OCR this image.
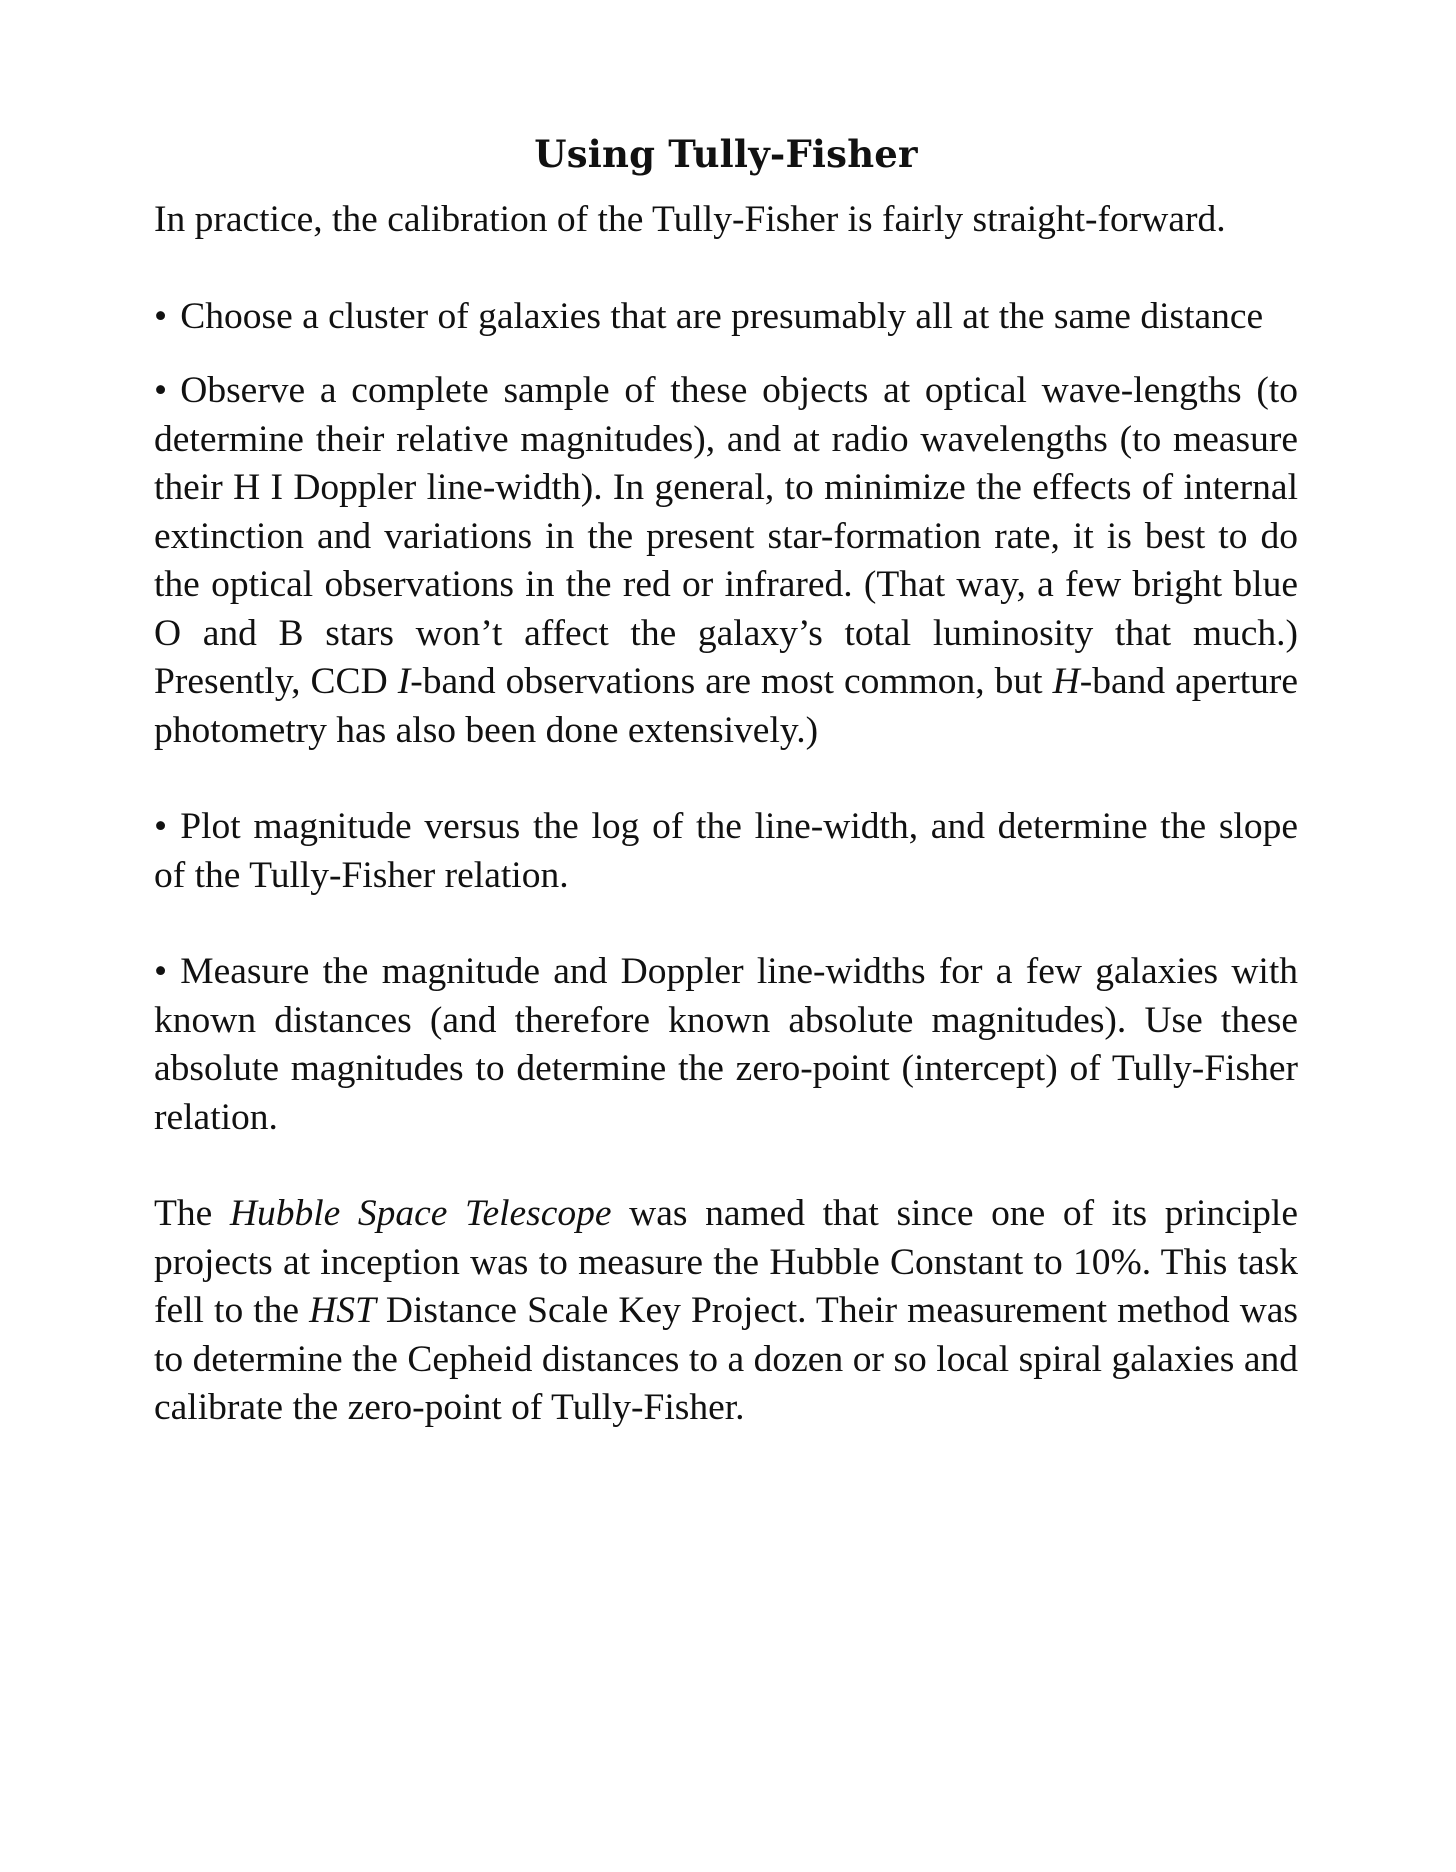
Using Tully-Fisher

In practice, the calibration of the Tully-Fisher is fairly straight-forward.

• Choose a cluster of galaxies that are presumably all at the same distance

• Observe a complete sample of these objects at optical wave-lengths (to determine their relative magnitudes), and at radio wavelengths (to measure their H I Doppler line-width). In general, to minimize the effects of internal extinction and variations in the present star-formation rate, it is best to do the optical observations in the red or infrared. (That way, a few bright blue O and B stars won’t affect the galaxy’s total luminosity that much.) Presently, CCD I-band observations are most common, but H-band aperture photometry has also been done extensively.)

• Plot magnitude versus the log of the line-width, and determine the slope of the Tully-Fisher relation.

• Measure the magnitude and Doppler line-widths for a few galaxies with known distances (and therefore known absolute magnitudes). Use these absolute magnitudes to determine the zero-point (intercept) of Tully-Fisher relation.

The Hubble Space Telescope was named that since one of its principle projects at inception was to measure the Hubble Constant to 10%. This task fell to the HST Distance Scale Key Project. Their measurement method was to determine the Cepheid distances to a dozen or so local spiral galaxies and calibrate the zero-point of Tully-Fisher.
